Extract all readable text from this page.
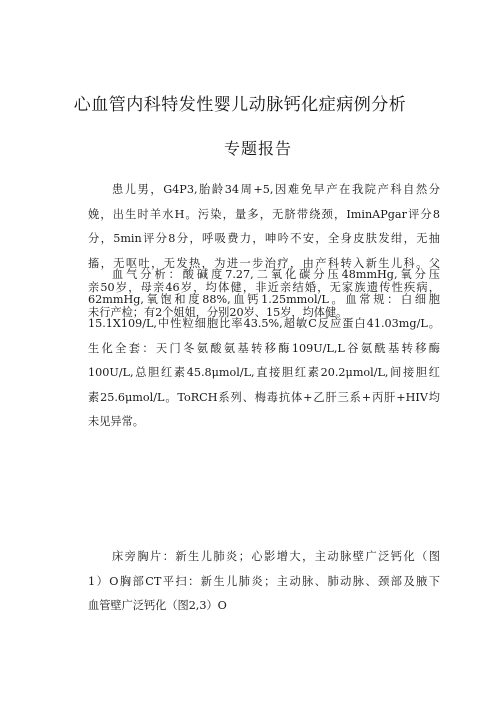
心血管内科特发性婴儿动脉钙化症病例分析
专题报告
患儿男，G4P3,胎龄34周+5,因难免早产在我院产科自然分
娩，出生时羊水H。污染，量多，无脐带绕颈，IminAPgar评分8
分，5min评分8分，呼吸费力，呻吟不安，全身皮肤发绀，无抽
搐，无呕吐，无发热，为进一步治疗，由产科转入新生儿科。父
亲50岁，母亲46岁，均体健，非近亲结婚，无家族遗传性疾病，
未行产检；有2个姐姐，分别20岁、15岁，均体健。
血气分析：酸碱度7.27,二氧化碳分压48mmHg,氧分压
62mmHg,氧饱和度88%,血钙1.25mmol∕L。血常规：白细胞
15.1X109/L,中性粒细胞比率43.5%,超敏C反应蛋白41.03mg∕L。
生化全套：天门冬氨酸氨基转移酶109U∕L,L谷氨酰基转移酶
100U/L,总胆红素45.8μmol∕L,直接胆红素20.2μmol∕L,间接胆红
素25.6μmol∕L。ToRCH系列、梅毒抗体+乙肝三系+丙肝+HIV均
未见异常。
床旁胸片：新生儿肺炎；心影增大，主动脉壁广泛钙化（图
1）O胸部CT平扫：新生儿肺炎；主动脉、肺动脉、颈部及腋下
血管壁广泛钙化（图2,3）O
